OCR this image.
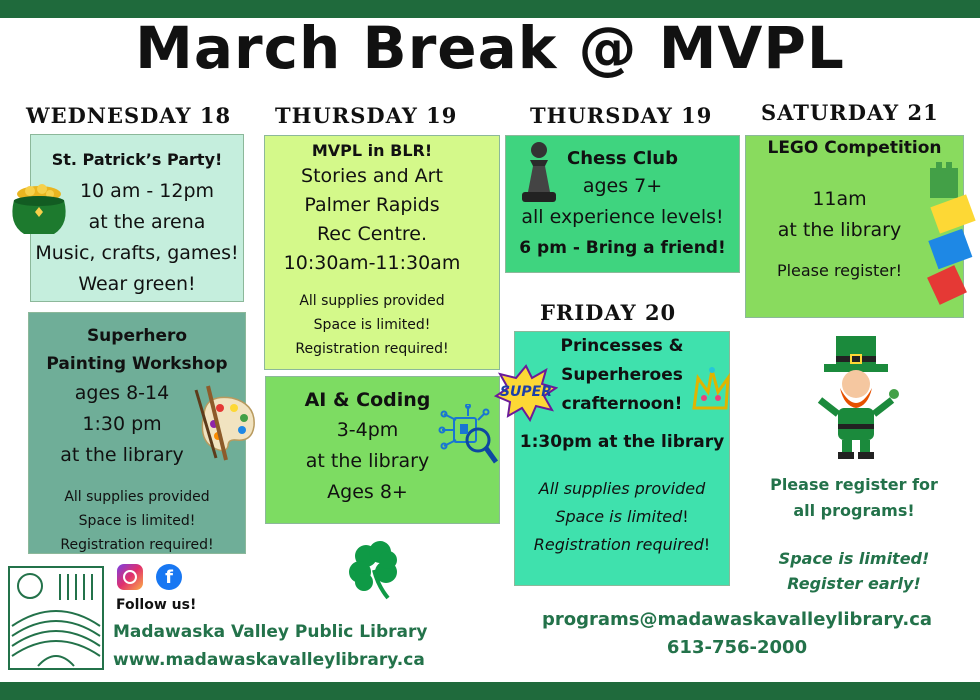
March Break @ MVPL
WEDNESDAY 18 THURSDAY 19	THURSDAY 19 SATURDAY 21
FRIDAY 20
St. Patrick’s Party!
10 am - 12pm
at the arena
Music, crafts, games!
Wear green!
Superhero
Painting Workshop
ages 8-14
1:30 pm
at the library
All supplies provided
Space is limited!
Registration required!
MVPL in BLR!
Stories and Art
Palmer Rapids
Rec Centre.
10:30am-11:30am
All supplies provided
Space is limited!
Registration required!
AI & Coding
3-4pm
at the library
Ages 8+
Chess Club
ages 7+
all experience levels!
6 pm - Bring a friend!
Princesses &
Superheroes
crafternoon!
1:30pm at the library
All supplies provided
Space is limited!
Registration required!
SUPER
LEGO Competition
11am
at the library
Please register!
Please register for
all programs!
Space is limited!
Register early!
f
Follow us!
Madawaska Valley Public Library
www.madawaskavalleylibrary.ca
programs@madawaskavalleylibrary.ca
613-756-2000
